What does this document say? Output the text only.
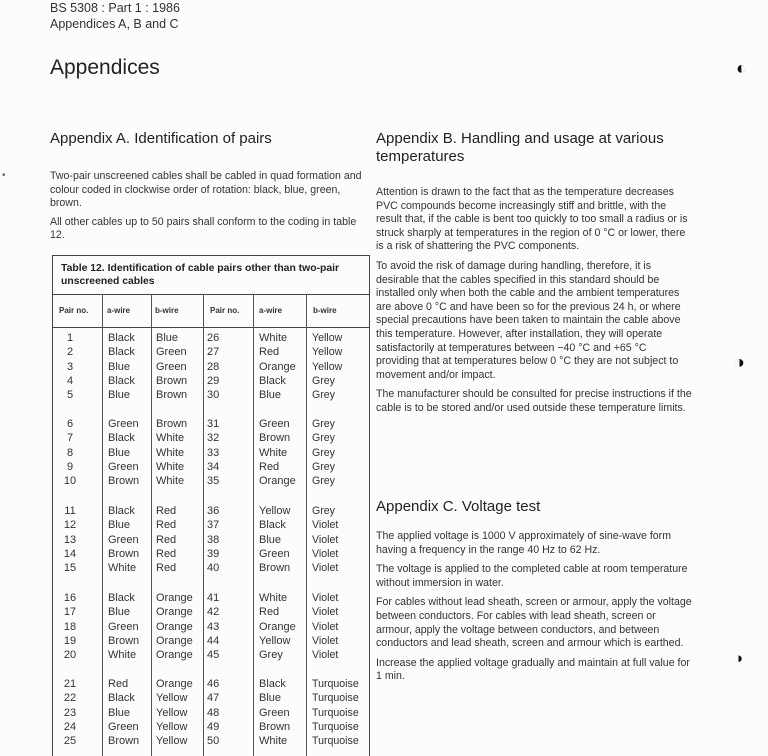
BS 5308 : Part 1 : 1986
Appendices A, B and C
Appendices	◐
◑
◑
•
Appendix A. Identification of pairs

Two-pair unscreened cables shall be cabled in quad formation and colour coded in clockwise order of rotation: black, blue, green, brown.

All other cables up to 50 pairs shall conform to the coding in table 12.

Table 12. Identification of cable pairs other than two-pair unscreened cables
Pair no. a-wire	b-wire	Pair no. a-wire	b-wire
1	Black Blue	26	White Yellow
2	Black Green 27	Red	Yellow
3	Blue Green 28	Orange Yellow
4	Black Brown 29	Black Grey
5	Blue Brown 30	Blue	Grey
6	Green Brown 31	Green Grey
7	Black White 32	Brown Grey
8	Blue White 33	White Grey
9	Green White 34	Red	Grey
10	Brown White 35	Orange Grey
11	Black Red	36	Yellow Grey
12	Blue Red	37	Black Violet
13	Green Red	38	Blue	Violet
14	Brown Red	39	Green Violet
15	White Red	40	Brown Violet
16	Black Orange 41	White Violet
17	Blue Orange 42	Red	Violet
18	Green Orange 43	Orange Violet
19	Brown Orange 44	Yellow Violet
20	White Orange 45	Grey	Violet
21	Red	Orange 46	Black Turquoise
22	Black Yellow 47	Blue	Turquoise
23	Blue Yellow 48	Green Turquoise
24	Green Yellow 49	Brown Turquoise
25	Brown Yellow 50	White Turquoise
Appendix B. Handling and usage at various temperatures

Attention is drawn to the fact that as the temperature decreases PVC compounds become increasingly stiff and brittle, with the result that, if the cable is bent too quickly to too small a radius or is struck sharply at temperatures in the region of 0 °C or lower, there is a risk of shattering the PVC components.

To avoid the risk of damage during handling, therefore, it is desirable that the cables specified in this standard should be installed only when both the cable and the ambient temperatures are above 0 °C and have been so for the previous 24 h, or where special precautions have been taken to maintain the cable above this temperature. However, after installation, they will operate satisfactorily at temperatures between −40 °C and +65 °C providing that at temperatures below 0 °C they are not subject to movement and/or impact.

The manufacturer should be consulted for precise instructions if the cable is to be stored and/or used outside these temperature limits.

Appendix C. Voltage test

The applied voltage is 1000 V approximately of sine-wave form having a frequency in the range 40 Hz to 62 Hz.

The voltage is applied to the completed cable at room temperature without immersion in water.

For cables without lead sheath, screen or armour, apply the voltage between conductors. For cables with lead sheath, screen or armour, apply the voltage between conductors, and between conductors and lead sheath, screen and armour which is earthed.

Increase the applied voltage gradually and maintain at full value for 1 min.
